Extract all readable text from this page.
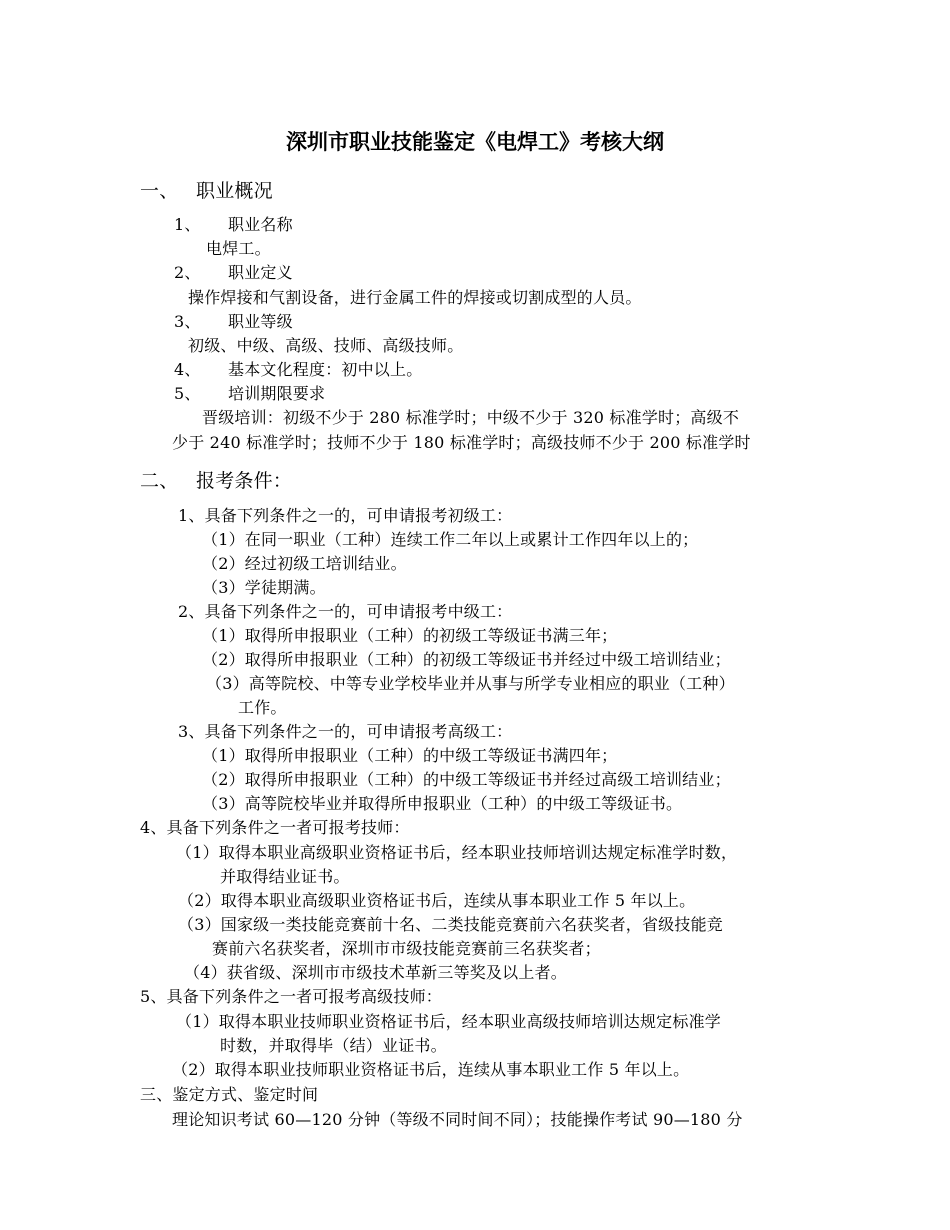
深圳市职业技能鉴定《电焊工》考核大纲
一、 职业概况
1、 职业名称
电焊工。
2、 职业定义
操作焊接和气割设备，进行金属工件的焊接或切割成型的人员。
3、 职业等级
初级、中级、高级、技师、高级技师。
4、 基本文化程度：初中以上。
5、 培训期限要求
晋级培训：初级不少于 280 标准学时；中级不少于 320 标准学时；高级不
少于 240 标准学时；技师不少于 180 标准学时；高级技师不少于 200 标准学时
二、 报考条件：
1、具备下列条件之一的，可申请报考初级工：
（1）在同一职业（工种）连续工作二年以上或累计工作四年以上的；
（2）经过初级工培训结业。
（3）学徒期满。
2、具备下列条件之一的，可申请报考中级工：
（1）取得所申报职业（工种）的初级工等级证书满三年；
（2）取得所申报职业（工种）的初级工等级证书并经过中级工培训结业；
（3）高等院校、中等专业学校毕业并从事与所学专业相应的职业（工种）
工作。
3、具备下列条件之一的，可申请报考高级工：
（1）取得所申报职业（工种）的中级工等级证书满四年；
（2）取得所申报职业（工种）的中级工等级证书并经过高级工培训结业；
（3）高等院校毕业并取得所申报职业（工种）的中级工等级证书。
4、具备下列条件之一者可报考技师：
（1）取得本职业高级职业资格证书后，经本职业技师培训达规定标准学时数，
并取得结业证书。
（2）取得本职业高级职业资格证书后，连续从事本职业工作 5 年以上。
（3）国家级一类技能竞赛前十名、二类技能竞赛前六名获奖者，省级技能竞
赛前六名获奖者，深圳市市级技能竞赛前三名获奖者；
（4）获省级、深圳市市级技术革新三等奖及以上者。
5、具备下列条件之一者可报考高级技师：
（1）取得本职业技师职业资格证书后，经本职业高级技师培训达规定标准学
时数，并取得毕（结）业证书。
（2）取得本职业技师职业资格证书后，连续从事本职业工作 5 年以上。
三、鉴定方式、鉴定时间
理论知识考试 60—120 分钟（等级不同时间不同）；技能操作考试 90—180 分
